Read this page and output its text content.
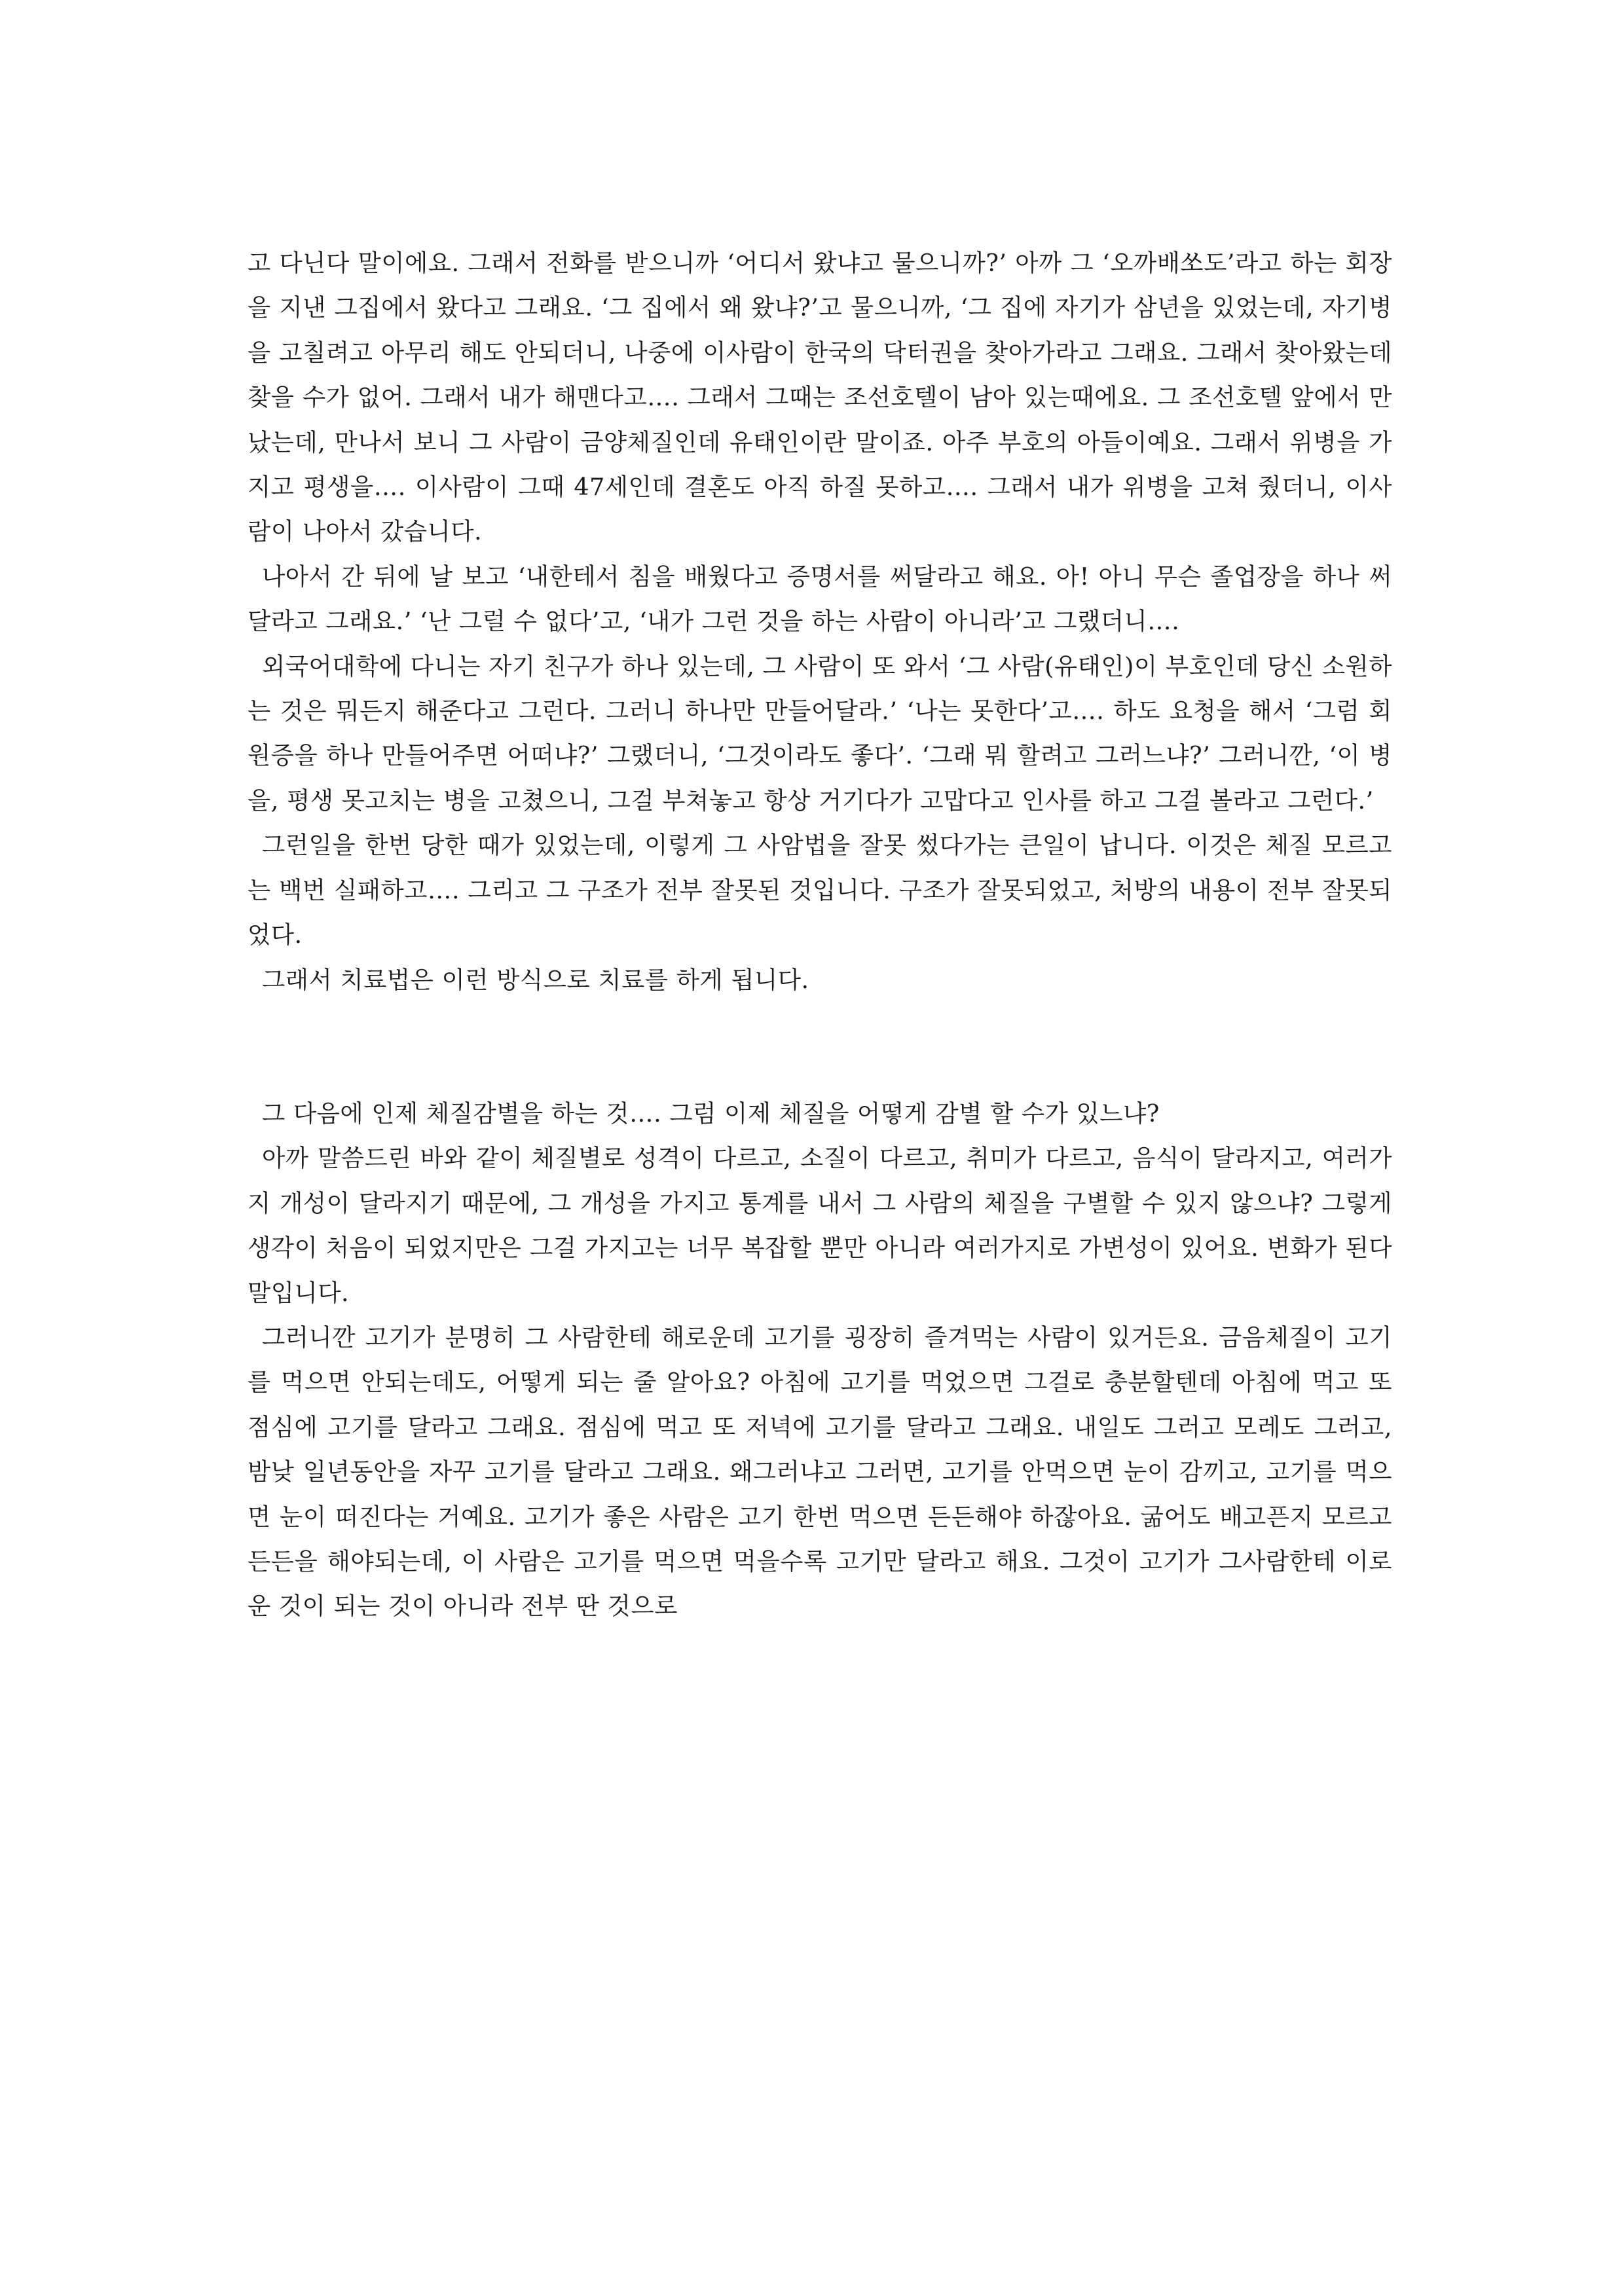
고 다닌다 말이에요. 그래서 전화를 받으니까 ‘어디서 왔냐고 물으니까?’ 아까 그 ‘오까배쏘도’라고 하는 회장을 지낸 그집에서 왔다고 그래요. ‘그 집에서 왜 왔냐?’고 물으니까, ‘그 집에 자기가 삼년을 있었는데, 자기병을 고칠려고 아무리 해도 안되더니, 나중에 이사람이 한국의 닥터권을 찾아가라고 그래요. 그래서 찾아왔는데 찾을 수가 없어. 그래서 내가 해맨다고…. 그래서 그때는 조선호텔이 남아 있는때에요. 그 조선호텔 앞에서 만났는데, 만나서 보니 그 사람이 금양체질인데 유태인이란 말이죠. 아주 부호의 아들이예요. 그래서 위병을 가지고 평생을…. 이사람이 그때 47세인데 결혼도 아직 하질 못하고…. 그래서 내가 위병을 고쳐 줬더니, 이사람이 나아서 갔습니다.

나아서 간 뒤에 날 보고 ‘내한테서 침을 배웠다고 증명서를 써달라고 해요. 아! 아니 무슨 졸업장을 하나 써 달라고 그래요.’ ‘난 그럴 수 없다’고, ‘내가 그런 것을 하는 사람이 아니라’고 그랬더니….

외국어대학에 다니는 자기 친구가 하나 있는데, 그 사람이 또 와서 ‘그 사람(유태인)이 부호인데 당신 소원하는 것은 뭐든지 해준다고 그런다. 그러니 하나만 만들어달라.’ ‘나는 못한다’고…. 하도 요청을 해서 ‘그럼 회원증을 하나 만들어주면 어떠냐?’ 그랬더니, ‘그것이라도 좋다’. ‘그래 뭐 할려고 그러느냐?’ 그러니깐, ‘이 병을, 평생 못고치는 병을 고쳤으니, 그걸 부쳐놓고 항상 거기다가 고맙다고 인사를 하고 그걸 볼라고 그런다.’

그런일을 한번 당한 때가 있었는데, 이렇게 그 사암법을 잘못 썼다가는 큰일이 납니다. 이것은 체질 모르고는 백번 실패하고…. 그리고 그 구조가 전부 잘못된 것입니다. 구조가 잘못되었고, 처방의 내용이 전부 잘못되었다.

그래서 치료법은 이런 방식으로 치료를 하게 됩니다.

그 다음에 인제 체질감별을 하는 것…. 그럼 이제 체질을 어떻게 감별 할 수가 있느냐?

아까 말씀드린 바와 같이 체질별로 성격이 다르고, 소질이 다르고, 취미가 다르고, 음식이 달라지고, 여러가지 개성이 달라지기 때문에, 그 개성을 가지고 통계를 내서 그 사람의 체질을 구별할 수 있지 않으냐? 그렇게 생각이 처음이 되었지만은 그걸 가지고는 너무 복잡할 뿐만 아니라 여러가지로 가변성이 있어요. 변화가 된다 말입니다.

그러니깐 고기가 분명히 그 사람한테 해로운데 고기를 굉장히 즐겨먹는 사람이 있거든요. 금음체질이 고기를 먹으면 안되는데도, 어떻게 되는 줄 알아요? 아침에 고기를 먹었으면 그걸로 충분할텐데 아침에 먹고 또 점심에 고기를 달라고 그래요. 점심에 먹고 또 저녁에 고기를 달라고 그래요. 내일도 그러고 모레도 그러고, 밤낮 일년동안을 자꾸 고기를 달라고 그래요. 왜그러냐고 그러면, 고기를 안먹으면 눈이 감끼고, 고기를 먹으면 눈이 떠진다는 거예요. 고기가 좋은 사람은 고기 한번 먹으면 든든해야 하잖아요. 굶어도 배고픈지 모르고 든든을 해야되는데, 이 사람은 고기를 먹으면 먹을수록 고기만 달라고 해요. 그것이 고기가 그사람한테 이로운 것이 되는 것이 아니라 전부 딴 것으로
